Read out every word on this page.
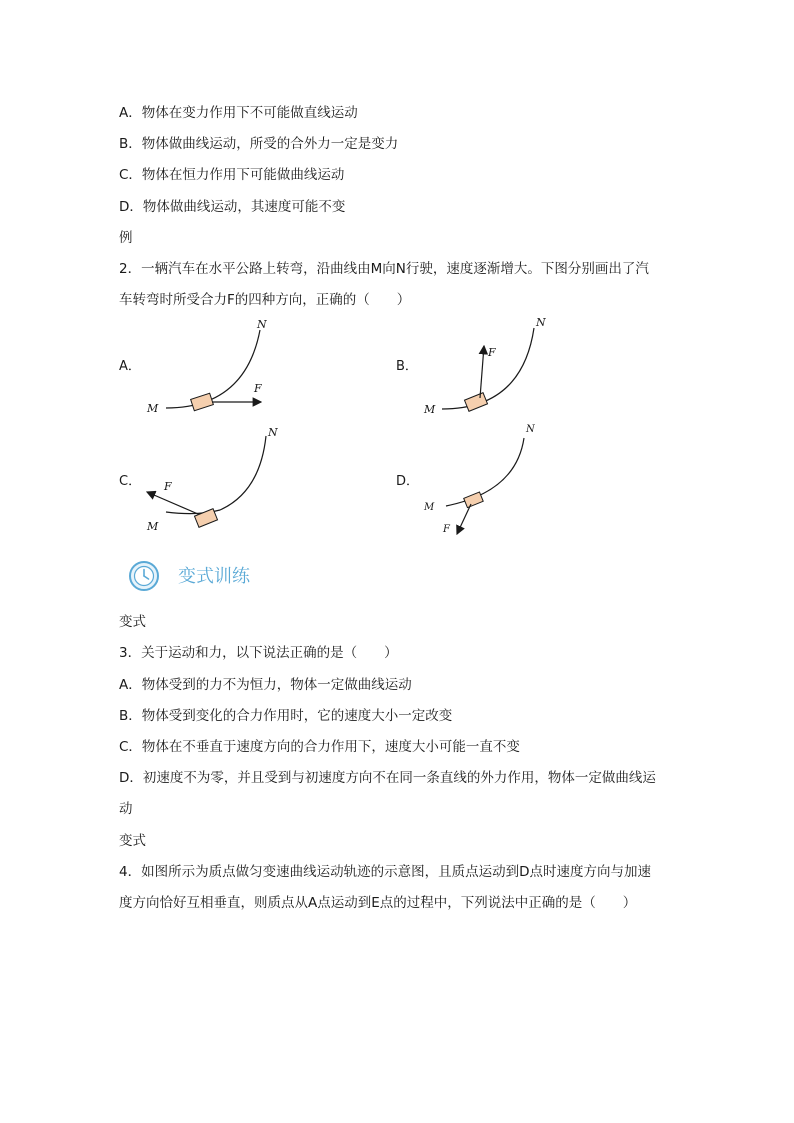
A．物体在变力作用下不可能做直线运动
B．物体做曲线运动，所受的合外力一定是变力
C．物体在恒力作用下可能做曲线运动
D．物体做曲线运动，其速度可能不变
例
2．一辆汽车在水平公路上转弯，沿曲线由M向N行驶，速度逐渐增大。下图分别画出了汽
车转弯时所受合力F的四种方向，正确的（　　）
A．
M
N
F
B．
M
N
F
C．
M
N
F	D．
M
N
F
变式训练
变式
3．关于运动和力，以下说法正确的是（　　）
A．物体受到的力不为恒力，物体一定做曲线运动
B．物体受到变化的合力作用时，它的速度大小一定改变
C．物体在不垂直于速度方向的合力作用下，速度大小可能一直不变
D．初速度不为零，并且受到与初速度方向不在同一条直线的外力作用，物体一定做曲线运
动
变式
4．如图所示为质点做匀变速曲线运动轨迹的示意图，且质点运动到D点时速度方向与加速
度方向恰好互相垂直，则质点从A点运动到E点的过程中，下列说法中正确的是（　　）
